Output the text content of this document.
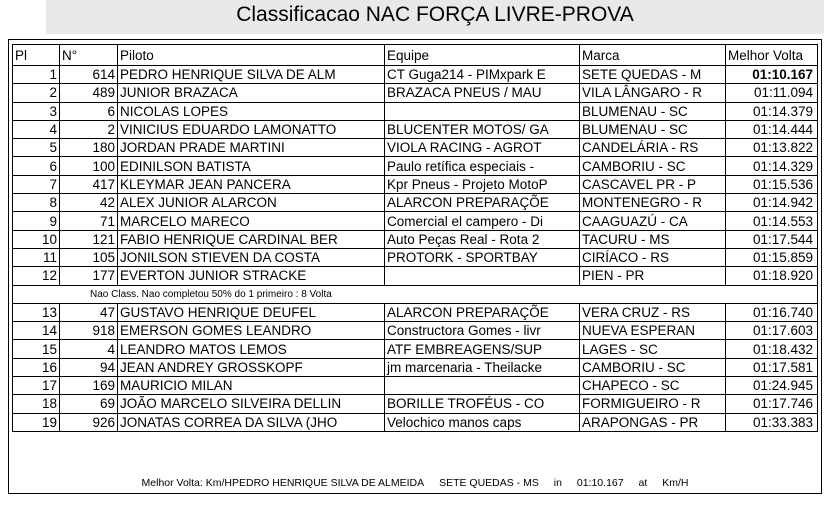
Classificacao NAC FORÇA LIVRE-PROVA
Pl	N°	Piloto	Equipe	Marca	Melhor Volta
1	614	PEDRO HENRIQUE SILVA DE ALM	CT Guga214 - PIMxpark E	SETE QUEDAS - M	01:10.167
2	489	JUNIOR BRAZACA	BRAZACA PNEUS / MAU	VILA LÂNGARO - R	01:11.094
3	6	NICOLAS LOPES		BLUMENAU - SC	01:14.379
4	2	VINICIUS EDUARDO LAMONATTO	BLUCENTER MOTOS/ GA	BLUMENAU - SC	01:14.444
5	180	JORDAN PRADE MARTINI	VIOLA RACING - AGROT	CANDELÁRIA - RS	01:13.822
6	100	EDINILSON BATISTA	Paulo retífica especiais -	CAMBORIU - SC	01:14.329
7	417	KLEYMAR JEAN PANCERA	Kpr Pneus - Projeto MotoP	CASCAVEL PR - P	01:15.536
8	42	ALEX JUNIOR ALARCON	ALARCON PREPARAÇÕE	MONTENEGRO - R	01:14.942
9	71	MARCELO MARECO	Comercial el campero - Di	CAAGUAZÚ - CA	01:14.553
10	121	FABIO HENRIQUE CARDINAL BER	Auto Peças Real - Rota 2	TACURU - MS	01:17.544
11	105	JONILSON STIEVEN DA COSTA	PROTORK - SPORTBAY	CIRÍACO - RS	01:15.859
12	177	EVERTON JUNIOR STRACKE		PIEN - PR	01:18.920
Nao Class. Nao completou 50% do 1 primeiro : 8 Volta					
13	47	GUSTAVO HENRIQUE DEUFEL	ALARCON PREPARAÇÕE	VERA CRUZ - RS	01:16.740
14	918	EMERSON GOMES LEANDRO	Constructora Gomes - livr	NUEVA ESPERAN	01:17.603
15	4	LEANDRO MATOS LEMOS	ATF EMBREAGENS/SUP	LAGES - SC	01:18.432
16	94	JEAN ANDREY GROSSKOPF	jm marcenaria - Theilacke	CAMBORIU - SC	01:17.581
17	169	MAURICIO MILAN		CHAPECO - SC	01:24.945
18	69	JOÃO MARCELO SILVEIRA DELLIN	BORILLE TROFÉUS - CO	FORMIGUEIRO - R	01:17.746
19	926	JONATAS CORREA DA SILVA (JHO	Velochico manos caps	ARAPONGAS - PR	01:33.383
Melhor Volta: Km/HPEDRO HENRIQUE SILVA DE ALMEIDA SETE QUEDAS - MS in 01:10.167 at Km/H
